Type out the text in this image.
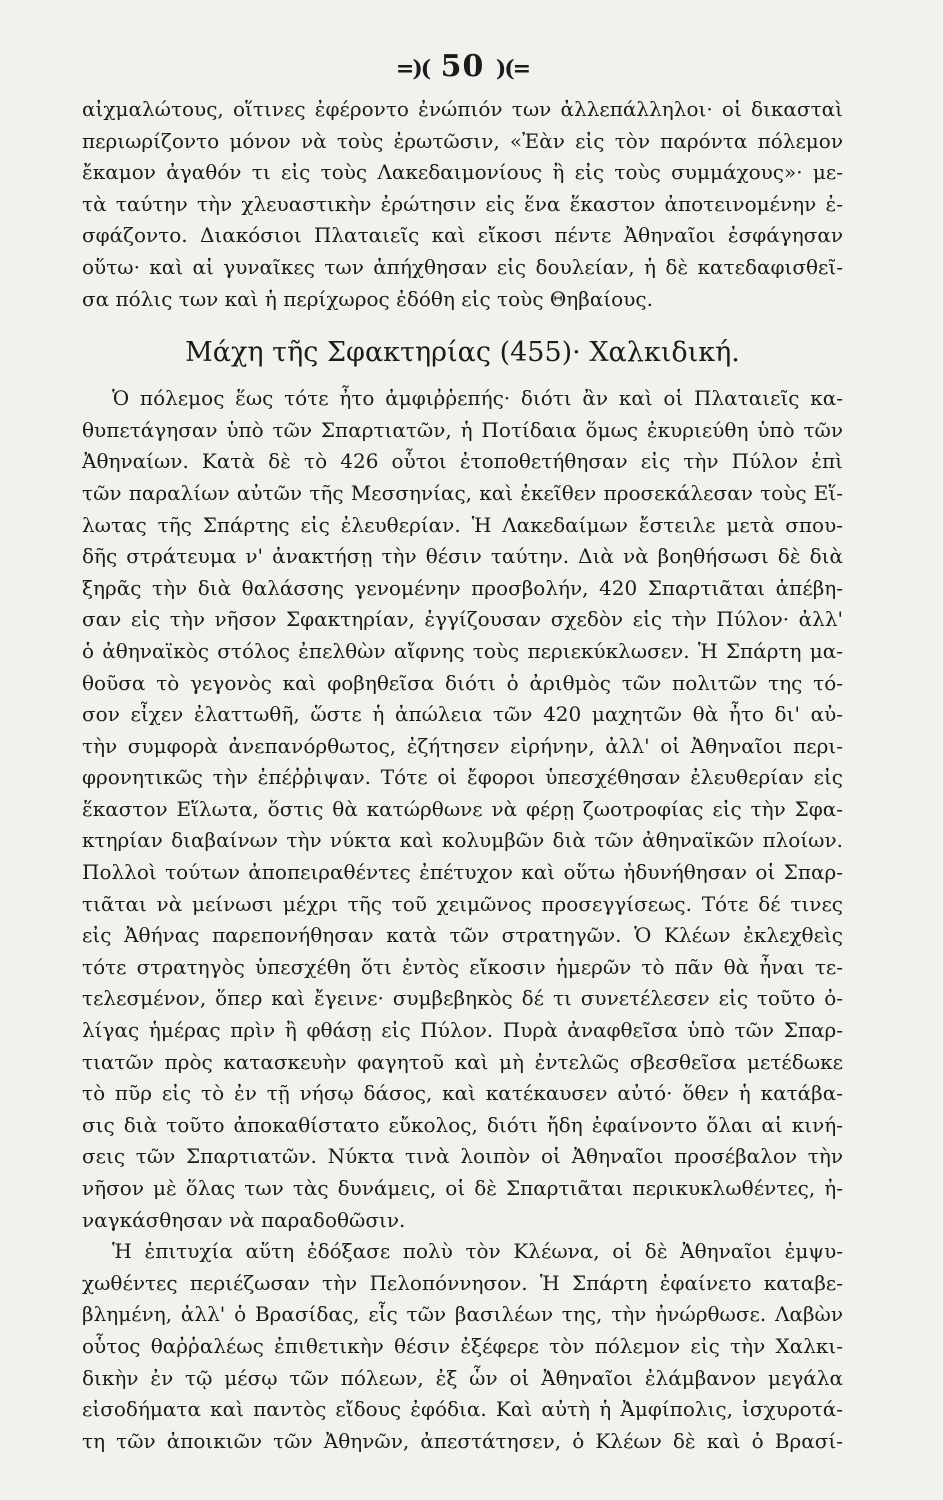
=)( 50 )(=

αἰχμαλώτους, οἵτινες ἐφέροντο ἐνώπιόν των ἀλλεπάλληλοι· οἱ δικασταὶ
περιωρίζοντο μόνον νὰ τοὺς ἐρωτῶσιν, «Ἐὰν εἰς τὸν παρόντα πόλεμον
ἔκαμον ἀγαθόν τι εἰς τοὺς Λακεδαιμονίους ἢ εἰς τοὺς συμμάχους»· με-
τὰ ταύτην τὴν χλευαστικὴν ἐρώτησιν εἰς ἕνα ἕκαστον ἀποτεινομένην ἐ-
σφάζοντο. Διακόσιοι Πλαταιεῖς καὶ εἴκοσι πέντε Ἀθηναῖοι ἐσφάγησαν
οὕτω· καὶ αἱ γυναῖκες των ἀπήχθησαν εἰς δουλείαν, ἡ δὲ κατεδαφισθεῖ-
σα πόλις των καὶ ἡ περίχωρος ἐδόθη εἰς τοὺς Θηβαίους.

Μάχη τῆς Σφακτηρίας (455)· Χαλκιδική.

Ὁ πόλεμος ἕως τότε ἦτο ἀμφιῤῥεπής· διότι ἂν καὶ οἱ Πλαταιεῖς κα-
θυπετάγησαν ὑπὸ τῶν Σπαρτιατῶν, ἡ Ποτίδαια ὅμως ἐκυριεύθη ὑπὸ τῶν
Ἀθηναίων. Κατὰ δὲ τὸ 426 οὗτοι ἐτοποθετήθησαν εἰς τὴν Πύλον ἐπὶ
τῶν παραλίων αὐτῶν τῆς Μεσσηνίας, καὶ ἐκεῖθεν προσεκάλεσαν τοὺς Εἵ-
λωτας τῆς Σπάρτης εἰς ἐλευθερίαν. Ἡ Λακεδαίμων ἔστειλε μετὰ σπου-
δῆς στράτευμα ν' ἀνακτήσῃ τὴν θέσιν ταύτην. Διὰ νὰ βοηθήσωσι δὲ διὰ
ξηρᾶς τὴν διὰ θαλάσσης γενομένην προσβολήν, 420 Σπαρτιᾶται ἀπέβη-
σαν εἰς τὴν νῆσον Σφακτηρίαν, ἐγγίζουσαν σχεδὸν εἰς τὴν Πύλον· ἀλλ'
ὁ ἀθηναϊκὸς στόλος ἐπελθὼν αἴφνης τοὺς περιεκύκλωσεν. Ἡ Σπάρτη μα-
θοῦσα τὸ γεγονὸς καὶ φοβηθεῖσα διότι ὁ ἀριθμὸς τῶν πολιτῶν της τό-
σον εἶχεν ἐλαττωθῆ, ὥστε ἡ ἀπώλεια τῶν 420 μαχητῶν θὰ ἦτο δι' αὐ-
τὴν συμφορὰ ἀνεπανόρθωτος, ἐζήτησεν εἰρήνην, ἀλλ' οἱ Ἀθηναῖοι περι-
φρονητικῶς τὴν ἐπέῤῥιψαν. Τότε οἱ ἔφοροι ὑπεσχέθησαν ἐλευθερίαν εἰς
ἕκαστον Εἵλωτα, ὅστις θὰ κατώρθωνε νὰ φέρῃ ζωοτροφίας εἰς τὴν Σφα-
κτηρίαν διαβαίνων τὴν νύκτα καὶ κολυμβῶν διὰ τῶν ἀθηναϊκῶν πλοίων.
Πολλοὶ τούτων ἀποπειραθέντες ἐπέτυχον καὶ οὕτω ἠδυνήθησαν οἱ Σπαρ-
τιᾶται νὰ μείνωσι μέχρι τῆς τοῦ χειμῶνος προσεγγίσεως. Τότε δέ τινες
εἰς Ἀθήνας παρεπονήθησαν κατὰ τῶν στρατηγῶν. Ὁ Κλέων ἐκλεχθεὶς
τότε στρατηγὸς ὑπεσχέθη ὅτι ἐντὸς εἴκοσιν ἡμερῶν τὸ πᾶν θὰ ἦναι τε-
τελεσμένον, ὅπερ καὶ ἔγεινε· συμβεβηκὸς δέ τι συνετέλεσεν εἰς τοῦτο ὀ-
λίγας ἡμέρας πρὶν ἢ φθάσῃ εἰς Πύλον. Πυρὰ ἀναφθεῖσα ὑπὸ τῶν Σπαρ-
τιατῶν πρὸς κατασκευὴν φαγητοῦ καὶ μὴ ἐντελῶς σβεσθεῖσα μετέδωκε
τὸ πῦρ εἰς τὸ ἐν τῇ νήσῳ δάσος, καὶ κατέκαυσεν αὐτό· ὅθεν ἡ κατάβα-
σις διὰ τοῦτο ἀποκαθίστατο εὔκολος, διότι ἤδη ἐφαίνοντο ὅλαι αἱ κινή-
σεις τῶν Σπαρτιατῶν. Νύκτα τινὰ λοιπὸν οἱ Ἀθηναῖοι προσέβαλον τὴν
νῆσον μὲ ὅλας των τὰς δυνάμεις, οἱ δὲ Σπαρτιᾶται περικυκλωθέντες, ἠ-
ναγκάσθησαν νὰ παραδοθῶσιν.

Ἡ ἐπιτυχία αὕτη ἐδόξασε πολὺ τὸν Κλέωνα, οἱ δὲ Ἀθηναῖοι ἐμψυ-
χωθέντες περιέζωσαν τὴν Πελοπόννησον. Ἡ Σπάρτη ἐφαίνετο καταβε-
βλημένη, ἀλλ' ὁ Βρασίδας, εἷς τῶν βασιλέων της, τὴν ἠνώρθωσε. Λαβὼν
οὗτος θαῤῥαλέως ἐπιθετικὴν θέσιν ἐξέφερε τὸν πόλεμον εἰς τὴν Χαλκι-
δικὴν ἐν τῷ μέσῳ τῶν πόλεων, ἐξ ὧν οἱ Ἀθηναῖοι ἐλάμβανον μεγάλα
εἰσοδήματα καὶ παντὸς εἴδους ἐφόδια. Καὶ αὐτὴ ἡ Ἀμφίπολις, ἰσχυροτά-
τη τῶν ἀποικιῶν τῶν Ἀθηνῶν, ἀπεστάτησεν, ὁ Κλέων δὲ καὶ ὁ Βρασί-
